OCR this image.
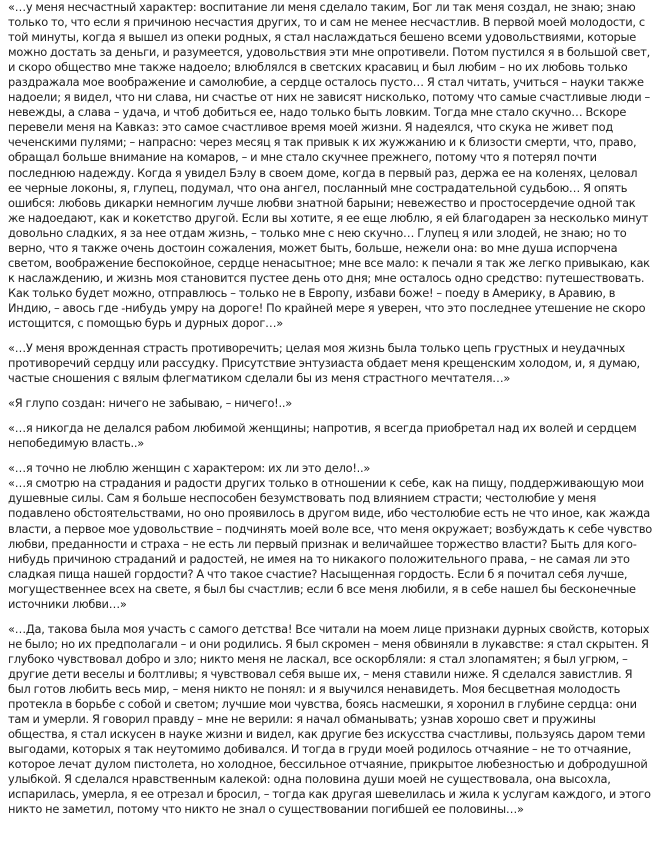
«…у меня несчастный характер: воспитание ли меня сделало таким, Бог ли так меня создал, не знаю; знаю только то, что если я причиною несчастия других, то и сам не менее несчастлив. В первой моей молодости, с той минуты, когда я вышел из опеки родных, я стал наслаждаться бешено всеми удовольствиями, которые можно достать за деньги, и разумеется, удовольствия эти мне опротивели. Потом пустился я в большой свет, и скоро общество мне также надоело; влюблялся в светских красавиц и был любим – но их любовь только раздражала мое воображение и самолюбие, а сердце осталось пусто… Я стал читать, учиться – науки также надоели; я видел, что ни слава, ни счастье от них не зависят нисколько, потому что самые счастливые люди – невежды, а слава – удача, и чтоб добиться ее, надо только быть ловким. Тогда мне стало скучно… Вскоре перевели меня на Кавказ: это самое счастливое время моей жизни. Я надеялся, что скука не живет под чеченскими пулями; – напрасно: через месяц я так привык к их жужжанию и к близости смерти, что, право, обращал больше внимание на комаров, – и мне стало скучнее прежнего, потому что я потерял почти последнюю надежду. Когда я увидел Бэлу в своем доме, когда в первый раз, держа ее на коленях, целовал ее черные локоны, я, глупец, подумал, что она ангел, посланный мне сострадательной судьбою… Я опять ошибся: любовь дикарки немногим лучше любви знатной барыни; невежество и простосердечие одной так же надоедают, как и кокетство другой. Если вы хотите, я ее еще люблю, я ей благодарен за несколько минут довольно сладких, я за нее отдам жизнь, – только мне с нею скучно… Глупец я или злодей, не знаю; но то верно, что я также очень достоин сожаления, может быть, больше, нежели она: во мне душа испорчена светом, воображение беспокойное, сердце ненасытное; мне все мало: к печали я так же легко привыкаю, как к наслаждению, и жизнь моя становится пустее день ото дня; мне осталось одно средство: путешествовать. Как только будет можно, отправлюсь – только не в Европу, избави боже! – поеду в Америку, в Аравию, в Индию, – авось где -нибудь умру на дороге! По крайней мере я уверен, что это последнее утешение не скоро истощится, с помощью бурь и дурных дорог…»

«…У меня врожденная страсть противоречить; целая моя жизнь была только цепь грустных и неудачных противоречий сердцу или рассудку. Присутствие энтузиаста обдает меня крещенским холодом, и, я думаю, частые сношения с вялым флегматиком сделали бы из меня страстного мечтателя…»

«Я глупо создан: ничего не забываю, – ничего!..»

«…я никогда не делался рабом любимой женщины; напротив, я всегда приобретал над их волей и сердцем непобедимую власть..»

«…я точно не люблю женщин с характером: их ли это дело!..»

«…я смотрю на страдания и радости других только в отношении к себе, как на пищу, поддерживающую мои душевные силы. Сам я больше неспособен безумствовать под влиянием страсти; честолюбие у меня подавлено обстоятельствами, но оно проявилось в другом виде, ибо честолюбие есть не что иное, как жажда власти, а первое мое удовольствие – подчинять моей воле все, что меня окружает; возбуждать к себе чувство любви, преданности и страха – не есть ли первый признак и величайшее торжество власти? Быть для кого- нибудь причиною страданий и радостей, не имея на то никакого положительного права, – не самая ли это сладкая пища нашей гордости? А что такое счастие? Насыщенная гордость. Если б я почитал себя лучше, могущественнее всех на свете, я был бы счастлив; если б все меня любили, я в себе нашел бы бесконечные источники любви…»

«…Да, такова была моя участь с самого детства! Все читали на моем лице признаки дурных свойств, которых не было; но их предполагали – и они родились. Я был скромен – меня обвиняли в лукавстве: я стал скрытен. Я глубоко чувствовал добро и зло; никто меня не ласкал, все оскорбляли: я стал злопамятен; я был угрюм, – другие дети веселы и болтливы; я чувствовал себя выше их, – меня ставили ниже. Я сделался завистлив. Я был готов любить весь мир, – меня никто не понял: и я выучился ненавидеть. Моя бесцветная молодость протекла в борьбе с собой и светом; лучшие мои чувства, боясь насмешки, я хоронил в глубине сердца: они там и умерли. Я говорил правду – мне не верили: я начал обманывать; узнав хорошо свет и пружины общества, я стал искусен в науке жизни и видел, как другие без искусства счастливы, пользуясь даром теми выгодами, которых я так неутомимо добивался. И тогда в груди моей родилось отчаяние – не то отчаяние, которое лечат дулом пистолета, но холодное, бессильное отчаяние, прикрытое любезностью и добродушной улыбкой. Я сделался нравственным калекой: одна половина души моей не существовала, она высохла, испарилась, умерла, я ее отрезал и бросил, – тогда как другая шевелилась и жила к услугам каждого, и этого никто не заметил, потому что никто не знал о существовании погибшей ее половины…»
